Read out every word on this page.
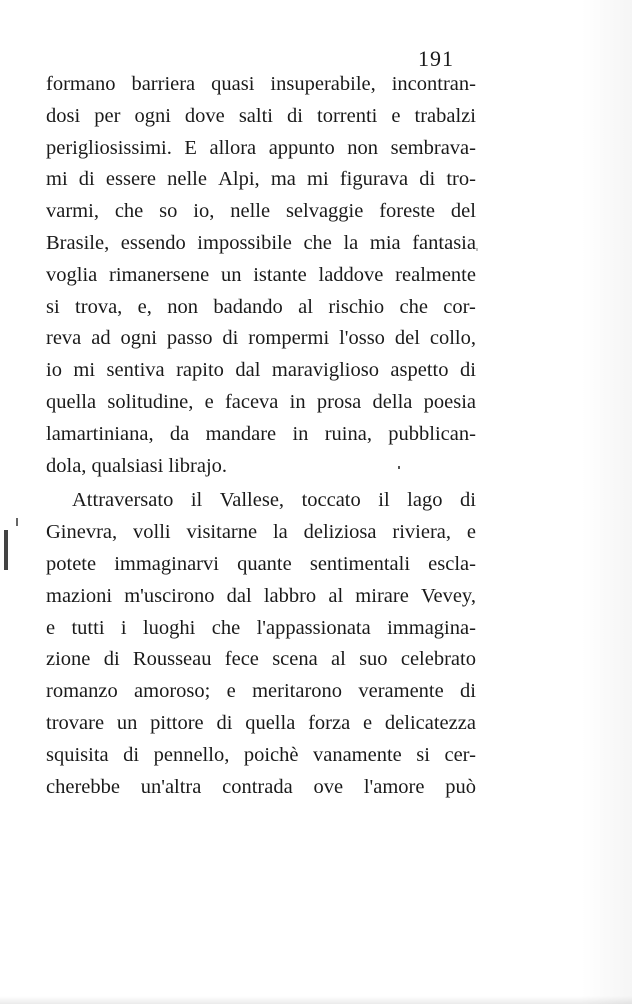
191
formano barriera quasi insuperabile, incontran-
dosi per ogni dove salti di torrenti e trabalzi
perigliosissimi. E allora appunto non sembrava-
mi di essere nelle Alpi, ma mi figurava di tro-
varmi, che so io, nelle selvaggie foreste del
Brasile, essendo impossibile che la mia fantasia
voglia rimanersene un istante laddove realmente
si trova, e, non badando al rischio che cor-
reva ad ogni passo di rompermi l'osso del collo,
io mi sentiva rapito dal maraviglioso aspetto di
quella solitudine, e faceva in prosa della poesia
lamartiniana, da mandare in ruina, pubblican-
dola, qualsiasi librajo.
Attraversato il Vallese, toccato il lago di
Ginevra, volli visitarne la deliziosa riviera, e
potete immaginarvi quante sentimentali escla-
mazioni m'uscirono dal labbro al mirare Vevey,
e tutti i luoghi che l'appassionata immagina-
zione di Rousseau fece scena al suo celebrato
romanzo amoroso; e meritarono veramente di
trovare un pittore di quella forza e delicatezza
squisita di pennello, poichè vanamente si cer-
cherebbe un'altra contrada ove l'amore può
